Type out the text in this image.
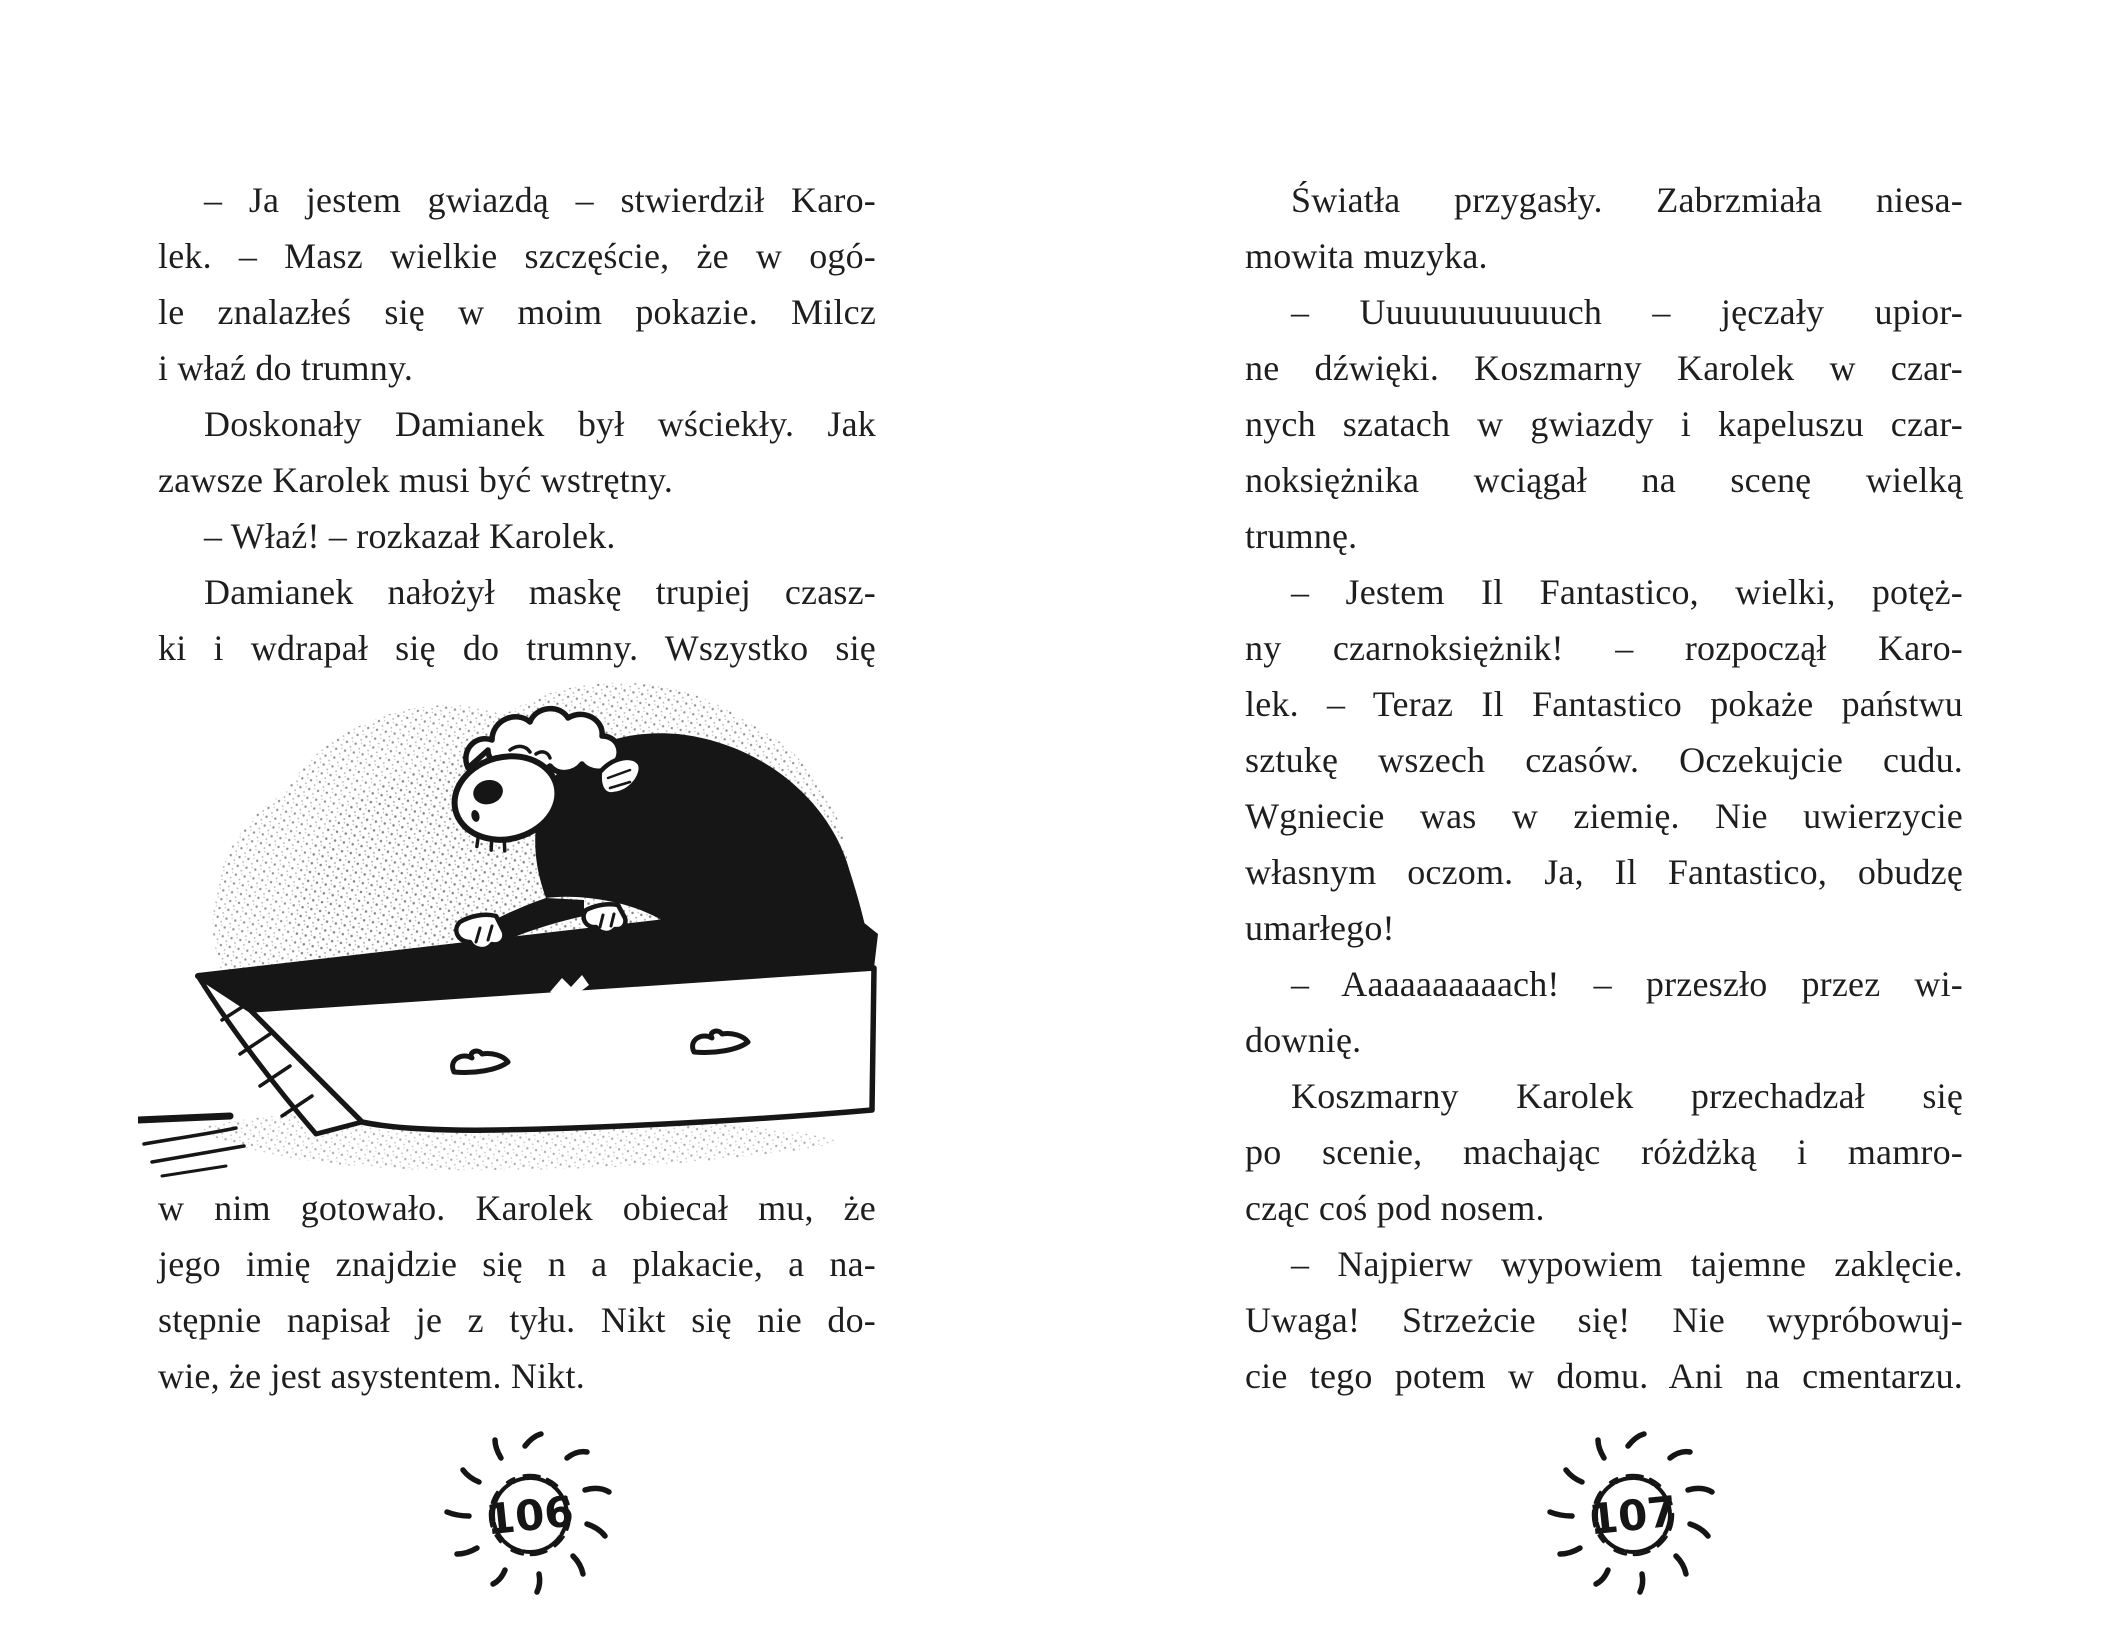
– Ja jestem gwiazdą – stwierdził Karo-
lek. – Masz wielkie szczęście, że w ogó-
le znalazłeś się w moim pokazie. Milcz
i właź do trumny.
Doskonały Damianek był wściekły. Jak
zawsze Karolek musi być wstrętny.
– Właź! – rozkazał Karolek.
Damianek nałożył maskę trupiej czasz-
ki i wdrapał się do trumny. Wszystko się
w nim gotowało. Karolek obiecał mu, że
jego imię znajdzie się n a plakacie, a na-
stępnie napisał je z tyłu. Nikt się nie do-
wie, że jest asystentem. Nikt.
Światła przygasły. Zabrzmiała niesa-
mowita muzyka.
– Uuuuuuuuuuuch – jęczały upior-
ne dźwięki. Koszmarny Karolek w czar-
nych szatach w gwiazdy i kapeluszu czar-
noksiężnika wciągał na scenę wielką
trumnę.
– Jestem Il Fantastico, wielki, potęż-
ny czarnoksiężnik! – rozpoczął Karo-
lek. – Teraz Il Fantastico pokaże państwu
sztukę wszech czasów. Oczekujcie cudu.
Wgniecie was w ziemię. Nie uwierzycie
własnym oczom. Ja, Il Fantastico, obudzę
umarłego!
– Aaaaaaaaaach! – przeszło przez wi-
downię.
Koszmarny Karolek przechadzał się
po scenie, machając różdżką i mamro-
cząc coś pod nosem.
– Najpierw wypowiem tajemne zaklęcie.
Uwaga! Strzeżcie się! Nie wypróbowuj-
cie tego potem w domu. Ani na cmentarzu.
106	107
